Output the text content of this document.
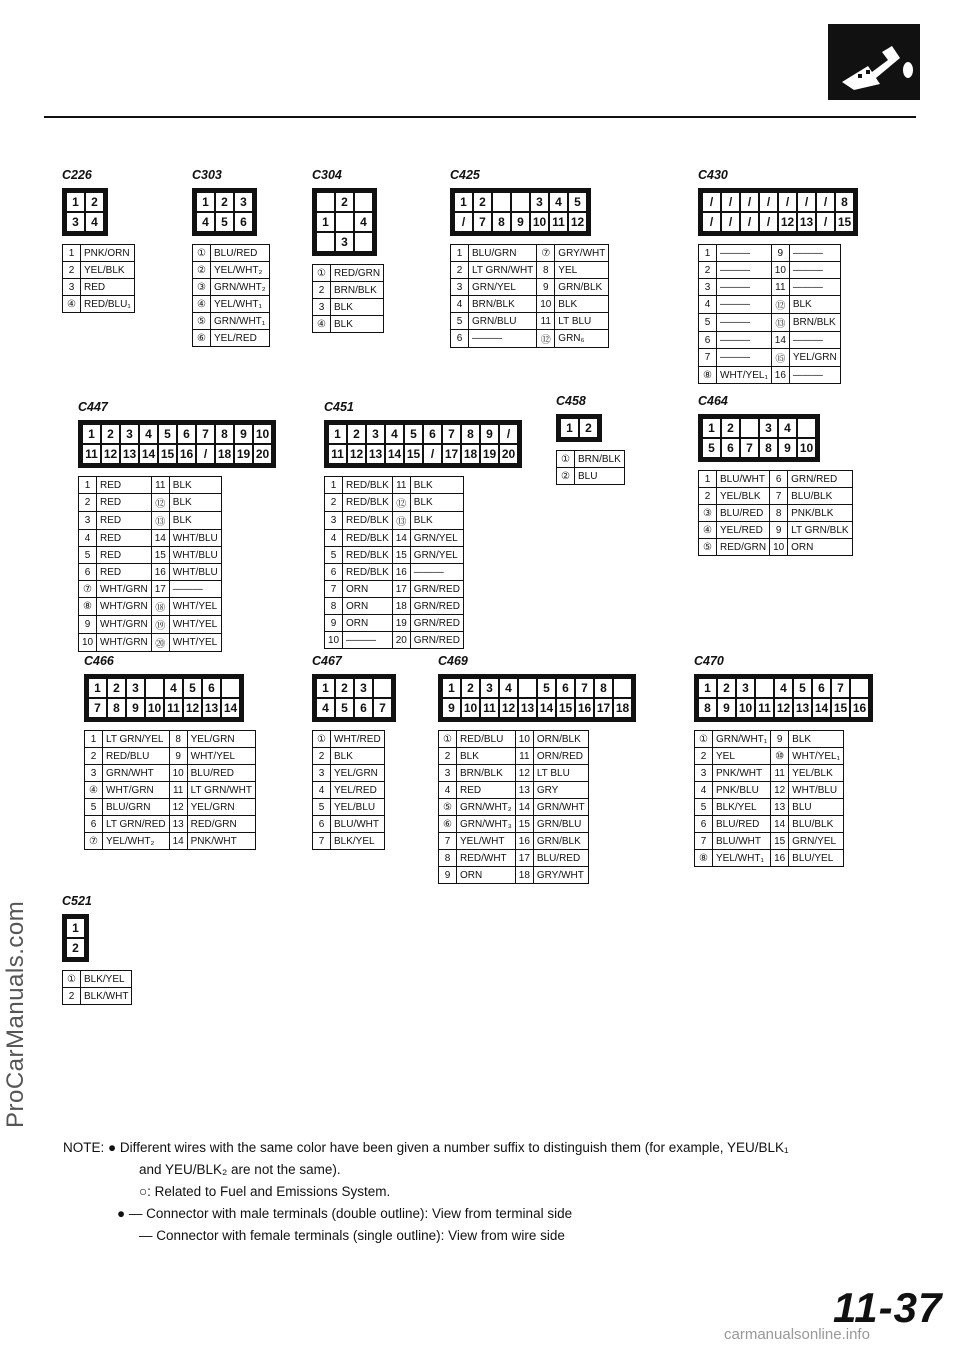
ProCarManuals.com
C226
1	2
3	4
1	PNK/ORN
2	YEL/BLK
3	RED
④	RED/BLU₁
C303
1	2	3
4	5	6
①	BLU/RED
②	YEL/WHT₂
③	GRN/WHT₂
④	YEL/WHT₁
⑤	GRN/WHT₁
⑥	YEL/RED
C304
2
1	4
3
①	RED/GRN
2	BRN/BLK
3	BLK
④	BLK
C425
1	2	3	4	5
/	7	8	9 10 11 12
1	BLU/GRN	⑦	GRY/WHT
2	LT GRN/WHT	8	YEL
3	GRN/YEL	9	GRN/BLK
4	BRN/BLK	10	BLK
5	GRN/BLU	11	LT BLU
6	———	⑫	GRN₆
C430
/	/	/	/	/	/	/	8
/	/	/	/ 12 13 / 15
1	———	9	———
2	———	10	———
3	———	11	———
4	———	⑫	BLK
5	———	⑬	BRN/BLK
6	———	14	———
7	———	⑮	YEL/GRN
⑧	WHT/YEL₁	16	———
C447
1	2	3	4	5	6	7	8	9 10
11 12 13 14 15 16 / 18 19 20
1	RED	11	BLK
2	RED	⑫	BLK
3	RED	⑬	BLK
4	RED	14	WHT/BLU
5	RED	15	WHT/BLU
6	RED	16	WHT/BLU
⑦	WHT/GRN	17	———
⑧	WHT/GRN	⑱	WHT/YEL
9	WHT/GRN	⑲	WHT/YEL
10	WHT/GRN	⑳	WHT/YEL
C451
1	2	3	4	5	6	7	8	9	/
11 12 13 14 15 / 17 18 19 20
1	RED/BLK	11	BLK
2	RED/BLK	⑫	BLK
3	RED/BLK	⑬	BLK
4	RED/BLK	14	GRN/YEL
5	RED/BLK	15	GRN/YEL
6	RED/BLK	16	———
7	ORN	17	GRN/RED
8	ORN	18	GRN/RED
9	ORN	19	GRN/RED
10	———	20	GRN/RED
C458
1	2
①	BRN/BLK
②	BLU
C464
1	2	3	4
5	6	7	8	9 10
1	BLU/WHT	6	GRN/RED
2	YEL/BLK	7	BLU/BLK
③	BLU/RED	8	PNK/BLK
④	YEL/RED	9	LT GRN/BLK
⑤	RED/GRN	10	ORN
C466
1	2	3	4	5	6
7	8	9 10 11 12 13 14
1	LT GRN/YEL	8	YEL/GRN
2	RED/BLU	9	WHT/YEL
3	GRN/WHT	10	BLU/RED
④	WHT/GRN	11	LT GRN/WHT
5	BLU/GRN	12	YEL/GRN
6	LT GRN/RED	13	RED/GRN
⑦	YEL/WHT₂	14	PNK/WHT
C467
1	2	3
4	5	6	7
①	WHT/RED
2	BLK
3	YEL/GRN
4	YEL/RED
5	YEL/BLU
6	BLU/WHT
7	BLK/YEL
C469
1	2	3	4	5	6	7	8
9 10 11 12 13 14 15 16 17 18
①	RED/BLU	10	ORN/BLK
2	BLK	11	ORN/RED
3	BRN/BLK	12	LT BLU
4	RED	13	GRY
⑤	GRN/WHT₂	14	GRN/WHT
⑥	GRN/WHT₃	15	GRN/BLU
7	YEL/WHT	16	GRN/BLK
8	RED/WHT	17	BLU/RED
9	ORN	18	GRY/WHT
C470
1	2	3	4	5	6	7
8	9 10 11 12 13 14 15 16
①	GRN/WHT₁	9	BLK
2	YEL	⑩	WHT/YEL₁
3	PNK/WHT	11	YEL/BLK
4	PNK/BLU	12	WHT/BLU
5	BLK/YEL	13	BLU
6	BLU/RED	14	BLU/BLK
7	BLU/WHT	15	GRN/YEL
⑧	YEL/WHT₁	16	BLU/YEL
C521
1
2
①	BLK/YEL
2	BLK/WHT
NOTE: ● Different wires with the same color have been given a number suffix to distinguish them (for example, YEU/BLK₁
and YEU/BLK₂ are not the same).
○: Related to Fuel and Emissions System.
● — Connector with male terminals (double outline): View from terminal side
— Connector with female terminals (single outline): View from wire side
11-37
carmanualsonline.info
